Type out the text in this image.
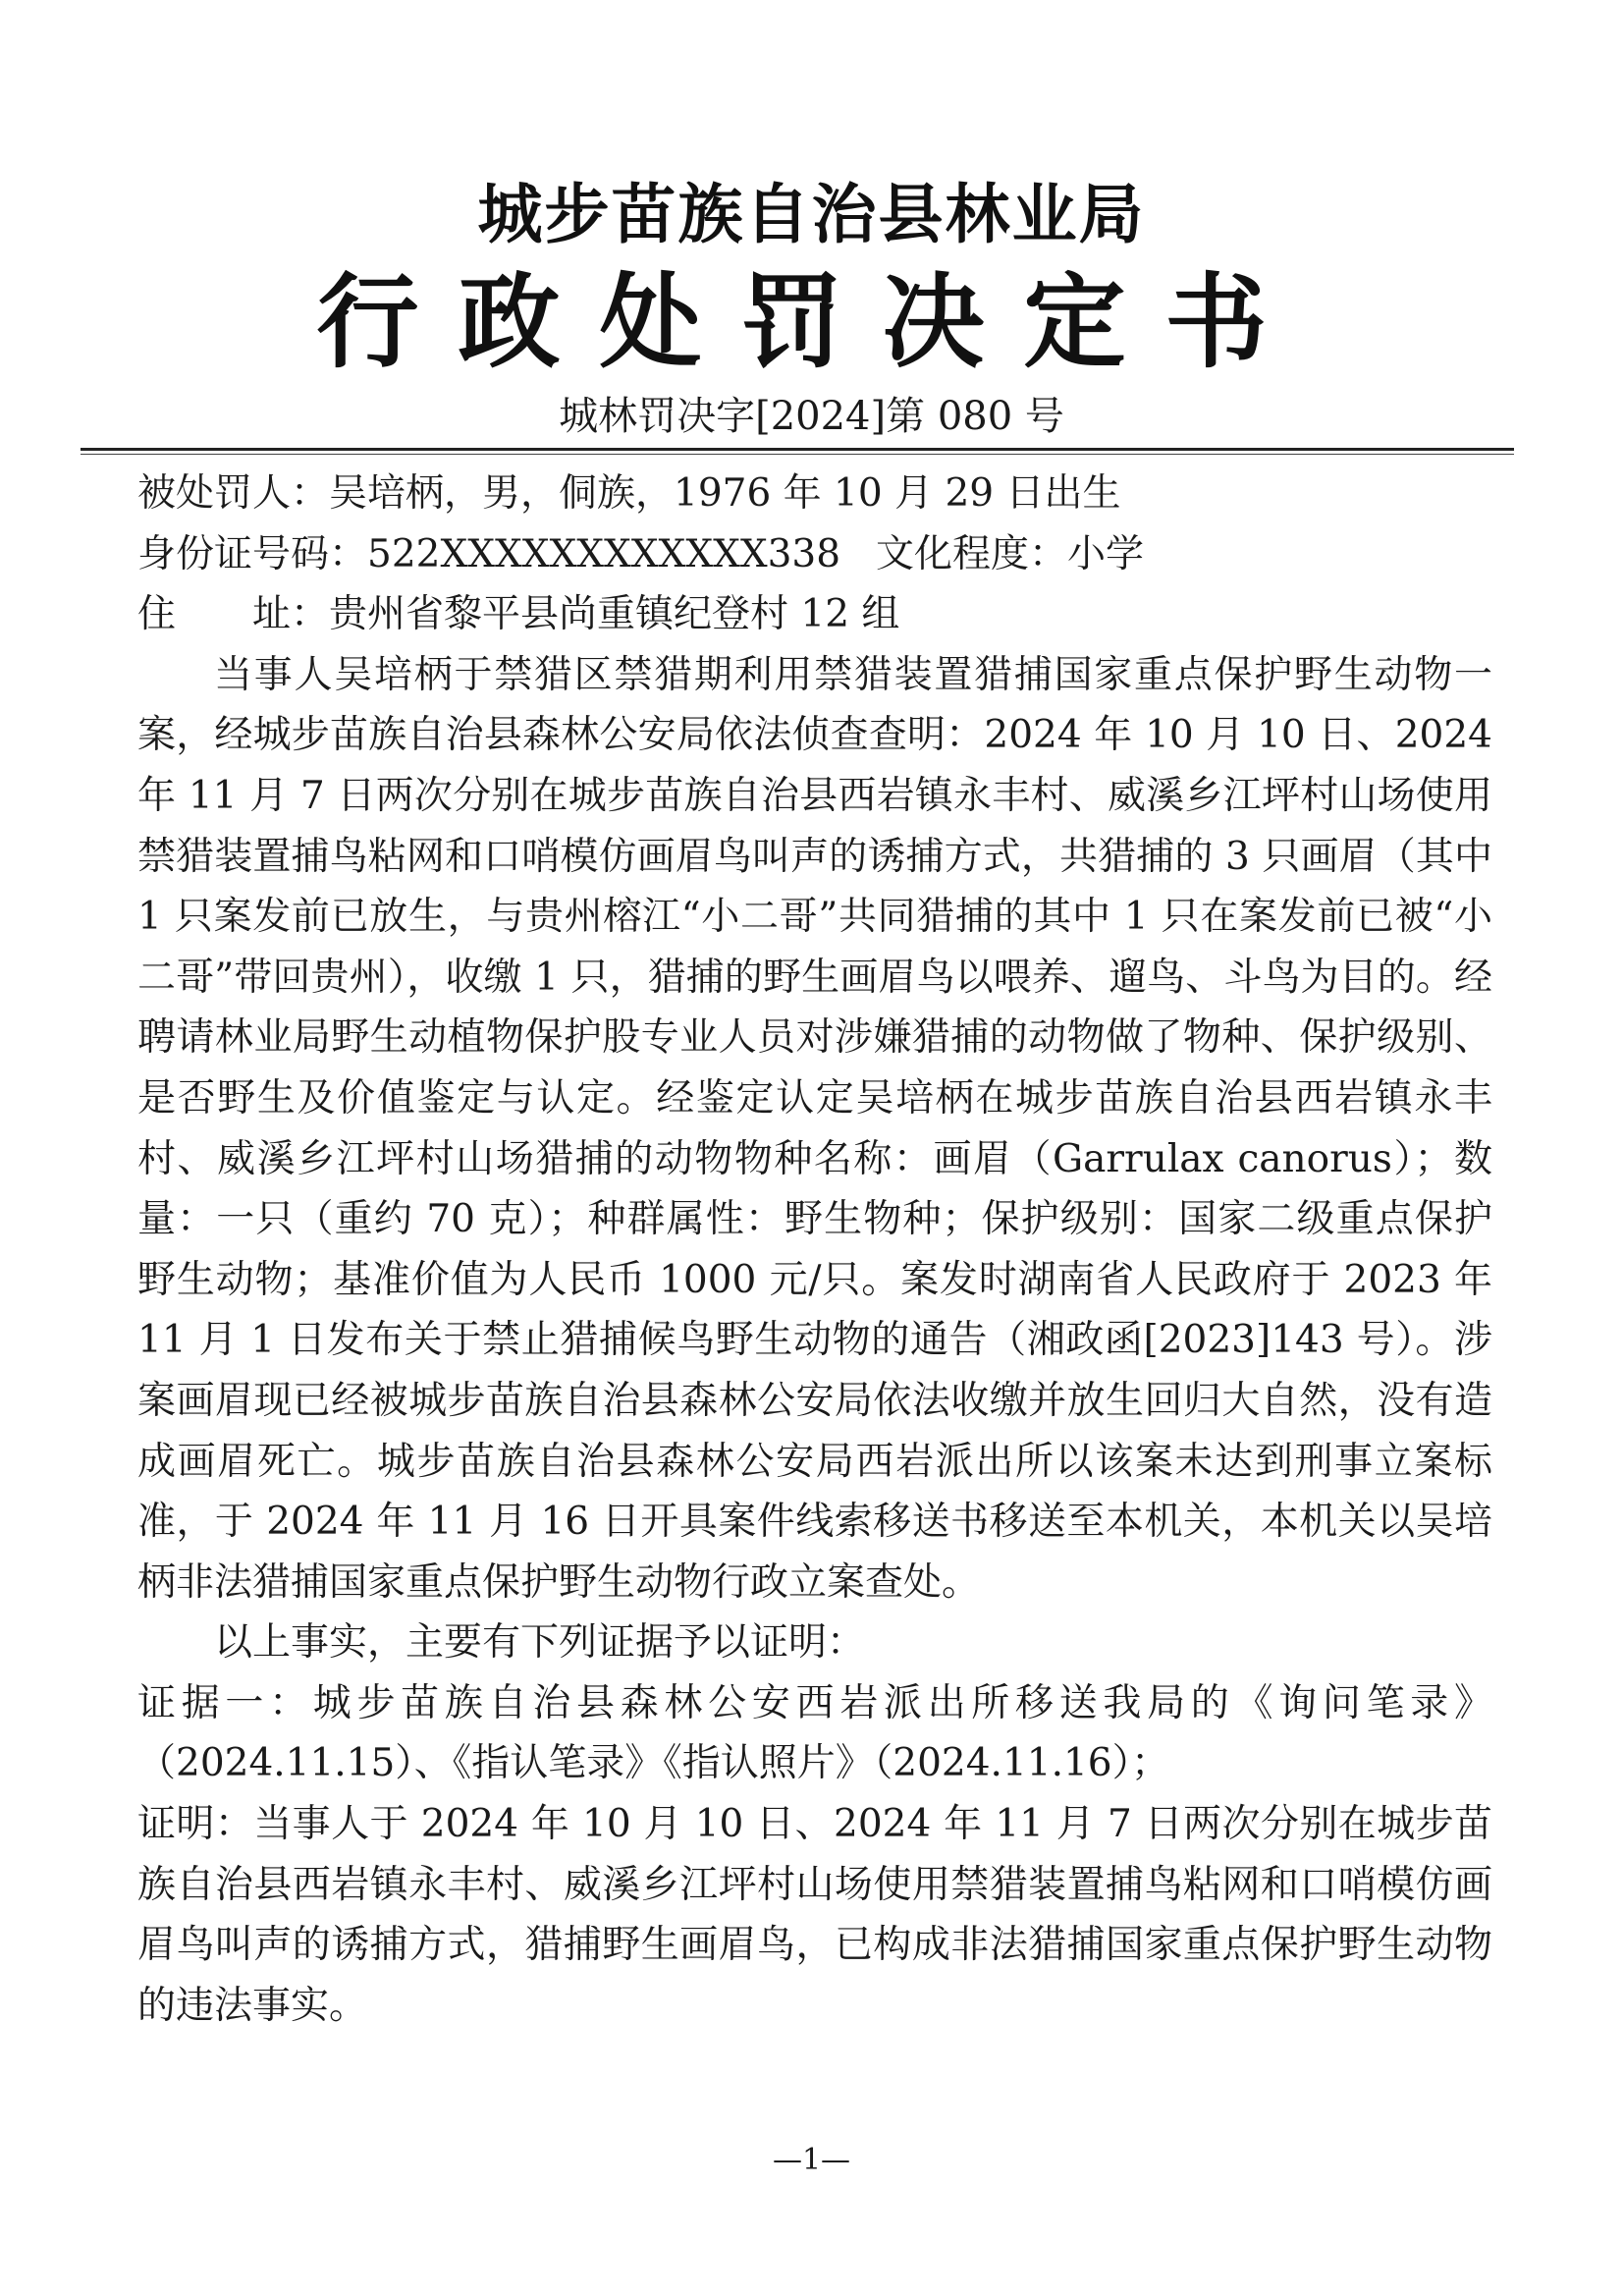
城步苗族自治县林业局
行政处罚决定书
城林罚决字[2024]第 080 号
被处罚人：吴培柄，男，侗族，1976 年 10 月 29 日出生
身份证号码：522XXXXXXXXXXXX338 文化程度：小学
住　　址：贵州省黎平县尚重镇纪登村 12 组

当事人吴培柄于禁猎区禁猎期利用禁猎装置猎捕国家重点保护野生动物一案，经城步苗族自治县森林公安局依法侦查查明：2024 年 10 月 10 日、2024 年 11 月 7 日两次分别在城步苗族自治县西岩镇永丰村、威溪乡江坪村山场使用禁猎装置捕鸟粘网和口哨模仿画眉鸟叫声的诱捕方式，共猎捕的 3 只画眉（其中 1 只案发前已放生，与贵州榕江“小二哥”共同猎捕的其中 1 只在案发前已被“小二哥”带回贵州），收缴 1 只，猎捕的野生画眉鸟以喂养、遛鸟、斗鸟为目的。经聘请林业局野生动植物保护股专业人员对涉嫌猎捕的动物做了物种、保护级别、是否野生及价值鉴定与认定。经鉴定认定吴培柄在城步苗族自治县西岩镇永丰村、威溪乡江坪村山场猎捕的动物物种名称：画眉（Garrulax canorus）；数量：一只（重约 70 克）；种群属性：野生物种；保护级别：国家二级重点保护野生动物；基准价值为人民币 1000 元/只。案发时湖南省人民政府于 2023 年 11 月 1 日发布关于禁止猎捕候鸟野生动物的通告（湘政函[2023]143 号）。涉案画眉现已经被城步苗族自治县森林公安局依法收缴并放生回归大自然，没有造成画眉死亡。城步苗族自治县森林公安局西岩派出所以该案未达到刑事立案标准，于 2024 年 11 月 16 日开具案件线索移送书移送至本机关，本机关以吴培柄非法猎捕国家重点保护野生动物行政立案查处。

以上事实，主要有下列证据予以证明：

证据一：城步苗族自治县森林公安西岩派出所移送我局的《询问笔录》（2024.11.15）、《指认笔录》《指认照片》（2024.11.16）；

证明：当事人于 2024 年 10 月 10 日、2024 年 11 月 7 日两次分别在城步苗族自治县西岩镇永丰村、威溪乡江坪村山场使用禁猎装置捕鸟粘网和口哨模仿画眉鸟叫声的诱捕方式，猎捕野生画眉鸟，已构成非法猎捕国家重点保护野生动物的违法事实。

—1—
